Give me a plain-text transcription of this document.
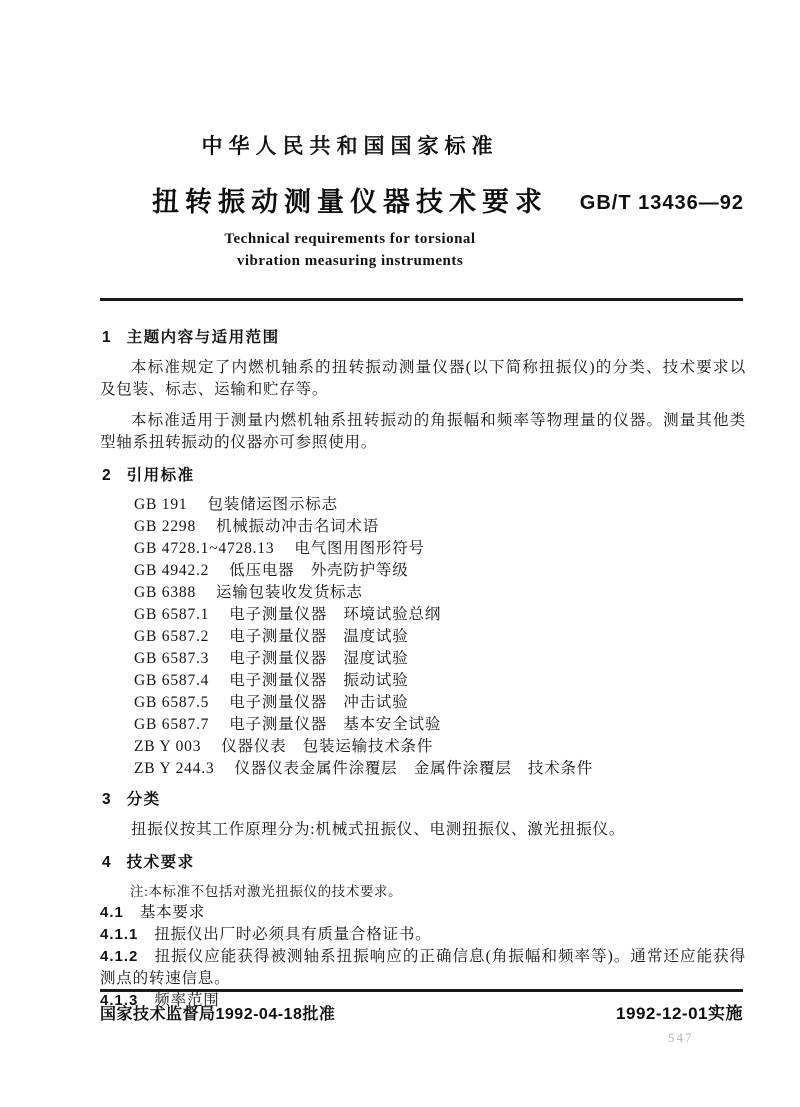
中华人民共和国国家标准
扭转振动测量仪器技术要求	GB/T 13436—92
Technical requirements for torsional
vibration measuring instruments
1 主题内容与适用范围

本标准规定了内燃机轴系的扭转振动测量仪器(以下简称扭振仪)的分类、技术要求以及包装、标志、运输和贮存等。

本标准适用于测量内燃机轴系扭转振动的角振幅和频率等物理量的仪器。测量其他类型轴系扭转振动的仪器亦可参照使用。

2 引用标准
GB 191 包装储运图示标志
GB 2298 机械振动冲击名词术语
GB 4728.1~4728.13 电气图用图形符号
GB 4942.2 低压电器　外壳防护等级
GB 6388 运输包装收发货标志
GB 6587.1 电子测量仪器　环境试验总纲
GB 6587.2 电子测量仪器　温度试验
GB 6587.3 电子测量仪器　湿度试验
GB 6587.4 电子测量仪器　振动试验
GB 6587.5 电子测量仪器　冲击试验
GB 6587.7 电子测量仪器　基本安全试验
ZB Y 003 仪器仪表　包装运输技术条件
ZB Y 244.3 仪器仪表金属件涂覆层　金属件涂覆层　技术条件
3 分类

扭振仪按其工作原理分为:机械式扭振仪、电测扭振仪、激光扭振仪。

4 技术要求

注:本标准不包括对激光扭振仪的技术要求。

4.1 基本要求

4.1.1 扭振仪出厂时必须具有质量合格证书。

4.1.2 扭振仪应能获得被测轴系扭振响应的正确信息(角振幅和频率等)。通常还应能获得测点的转速信息。

4.1.3 频率范围

国家技术监督局1992-04-18批准	1992-12-01实施
547
